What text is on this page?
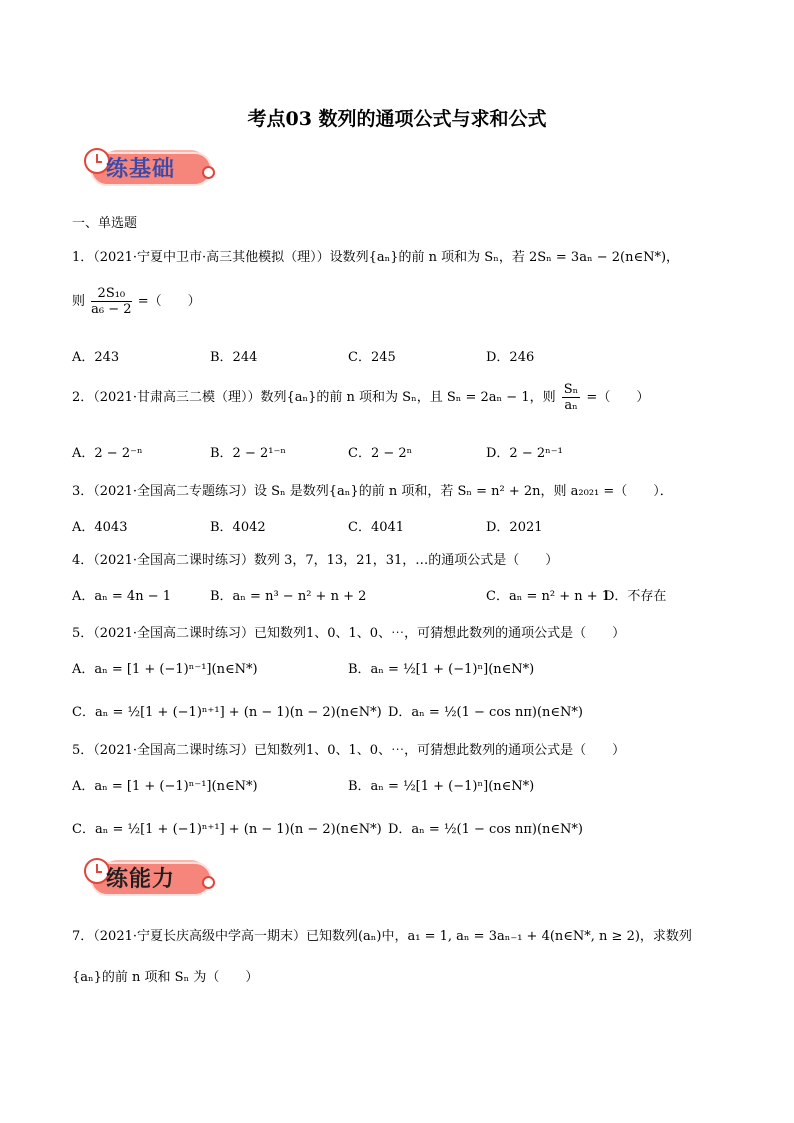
考点03 数列的通项公式与求和公式
练基础
一、单选题
1．（2021·宁夏中卫市·高三其他模拟（理））设数列{aₙ}的前 n 项和为 Sₙ，若 2Sₙ = 3aₙ − 2(n∈N*)，
则 $\frac{\text{2S₁₀}}{\text{a₆ − 2}}$ =（　　）
A．243	B．244	C．245	D．246
2．（2021·甘肃高三二模（理））数列{aₙ}的前 n 项和为 Sₙ，且 Sₙ = 2aₙ − 1，则 $\frac{\text{Sₙ}}{\text{aₙ}}$ =（　　）
A．2 − 2⁻ⁿ	B．2 − 2¹⁻ⁿ	C．2 − 2ⁿ	D．2 − 2ⁿ⁻¹
3．（2021·全国高二专题练习）设 Sₙ 是数列{aₙ}的前 n 项和，若 Sₙ = n² + 2n，则 a₂₀₂₁ =（　　）．
A．4043	B．4042	C．4041	D．2021
4．（2021·全国高二课时练习）数列 3，7，13，21，31，…的通项公式是（　　）
A．aₙ = 4n − 1	B．aₙ = n³ − n² + n + 2	C．aₙ = n² + n + 1
D．不存在
5．（2021·全国高二课时练习）已知数列1、0、1、0、⋯，可猜想此数列的通项公式是（　　）
A．aₙ = [1 + (−1)ⁿ⁻¹](n∈N*)	B．aₙ = ½[1 + (−1)ⁿ](n∈N*)
C．aₙ = ½[1 + (−1)ⁿ⁺¹] + (n − 1)(n − 2)(n∈N*) D．aₙ = ½(1 − cos nπ)(n∈N*)
5．（2021·全国高二课时练习）已知数列1、0、1、0、⋯，可猜想此数列的通项公式是（　　）
A．aₙ = [1 + (−1)ⁿ⁻¹](n∈N*)	B．aₙ = ½[1 + (−1)ⁿ](n∈N*)
C．aₙ = ½[1 + (−1)ⁿ⁺¹] + (n − 1)(n − 2)(n∈N*) D．aₙ = ½(1 − cos nπ)(n∈N*)
练能力
7．（2021·宁夏长庆高级中学高一期末）已知数列(aₙ)中，a₁ = 1, aₙ = 3aₙ₋₁ + 4(n∈N*, n ≥ 2)，求数列
{aₙ}的前 n 项和 Sₙ 为（　　）
